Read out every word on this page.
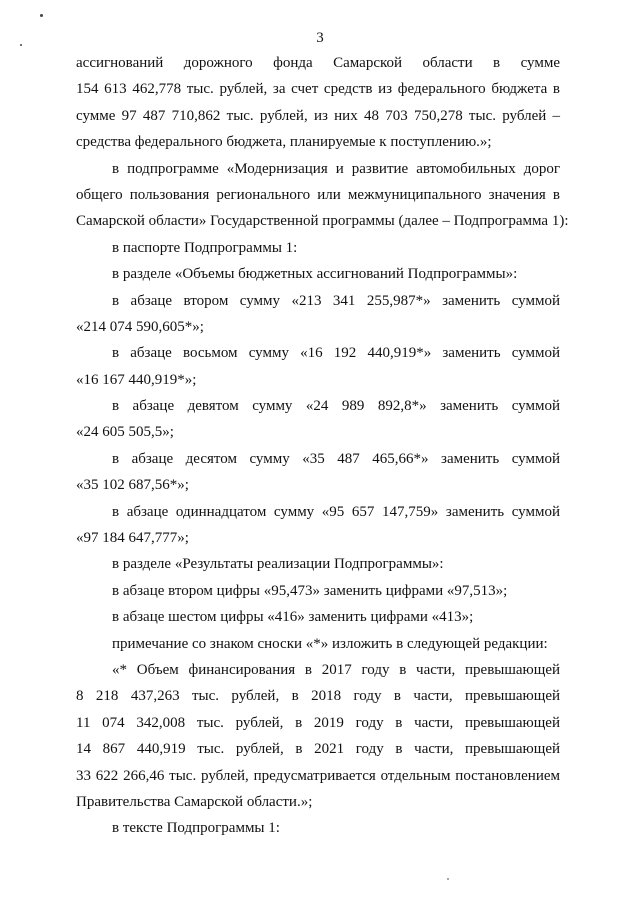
3
ассигнований дорожного фонда Самарской области в сумме
154 613 462,778 тыс. рублей, за счет средств из федерального бюджета в
сумме 97 487 710,862 тыс. рублей, из них 48 703 750,278 тыс. рублей –
средства федерального бюджета, планируемые к поступлению.»;
в подпрограмме «Модернизация и развитие автомобильных дорог
общего пользования регионального или межмуниципального значения в
Самарской области» Государственной программы (далее – Подпрограмма 1):
в паспорте Подпрограммы 1:
в разделе «Объемы бюджетных ассигнований Подпрограммы»:
в абзаце втором сумму «213 341 255,987*» заменить суммой
«214 074 590,605*»;
в абзаце восьмом сумму «16 192 440,919*» заменить суммой
«16 167 440,919*»;
в абзаце девятом сумму «24 989 892,8*» заменить суммой
«24 605 505,5»;
в абзаце десятом сумму «35 487 465,66*» заменить суммой
«35 102 687,56*»;
в абзаце одиннадцатом сумму «95 657 147,759» заменить суммой
«97 184 647,777»;
в разделе «Результаты реализации Подпрограммы»:
в абзаце втором цифры «95,473» заменить цифрами «97,513»;
в абзаце шестом цифры «416» заменить цифрами «413»;
примечание со знаком сноски «*» изложить в следующей редакции:
«* Объем финансирования в 2017 году в части, превышающей
8 218 437,263 тыс. рублей, в 2018 году в части, превышающей
11 074 342,008 тыс. рублей, в 2019 году в части, превышающей
14 867 440,919 тыс. рублей, в 2021 году в части, превышающей
33 622 266,46 тыс. рублей, предусматривается отдельным постановлением
Правительства Самарской области.»;
в тексте Подпрограммы 1:
